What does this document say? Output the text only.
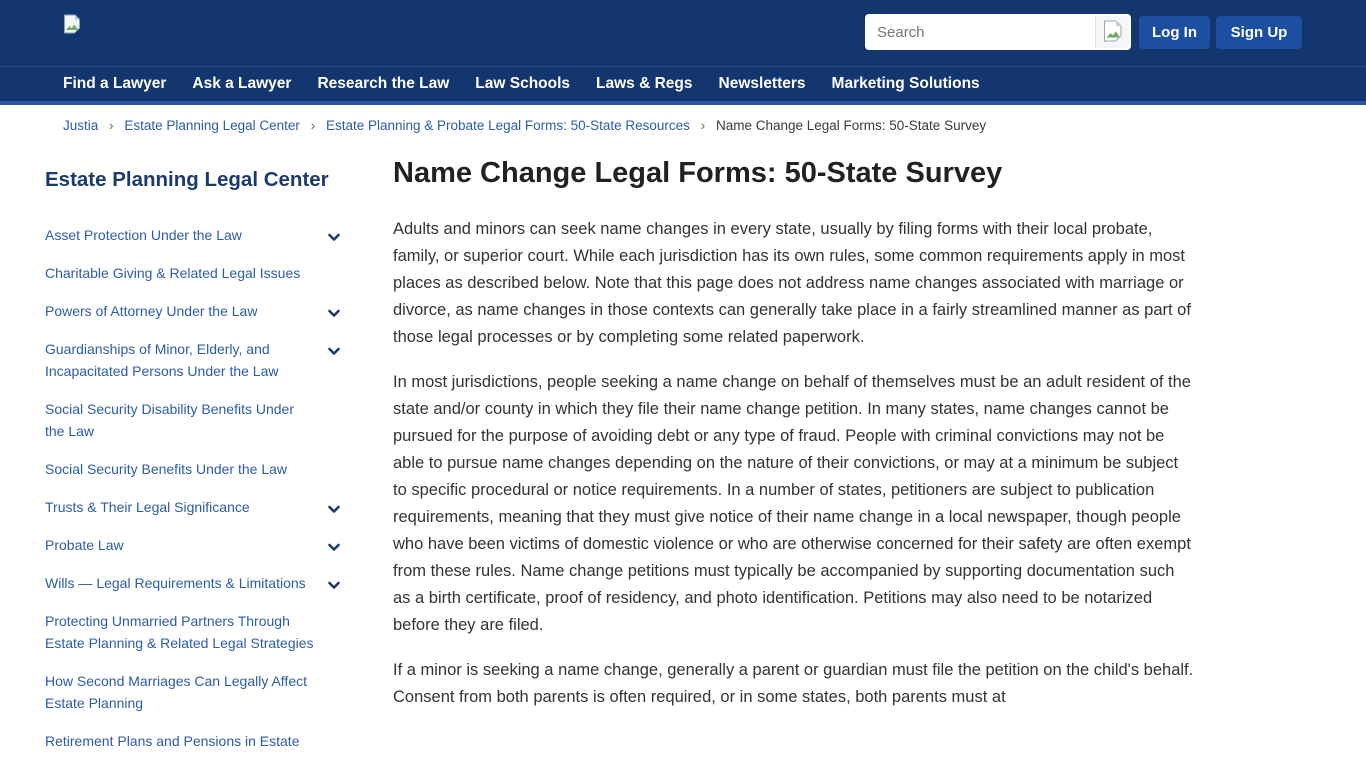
Search
Log In	Sign Up
Find a Lawyer Ask a Lawyer Research the Law Law Schools Laws & Regs Newsletters Marketing Solutions
Justia › Estate Planning Legal Center › Estate Planning & Probate Legal Forms: 50-State Resources › Name Change Legal Forms: 50-State Survey
Estate Planning Legal Center
Asset Protection Under the Law
Charitable Giving & Related Legal Issues
Powers of Attorney Under the Law
Guardianships of Minor, Elderly, and Incapacitated Persons Under the Law
Social Security Disability Benefits Under the Law
Social Security Benefits Under the Law
Trusts & Their Legal Significance
Probate Law
Wills — Legal Requirements & Limitations
Protecting Unmarried Partners Through Estate Planning & Related Legal Strategies
How Second Marriages Can Legally Affect Estate Planning
Retirement Plans and Pensions in Estate
Name Change Legal Forms: 50-State Survey

Adults and minors can seek name changes in every state, usually by filing forms with their local probate, family, or superior court. While each jurisdiction has its own rules, some common requirements apply in most places as described below. Note that this page does not address name changes associated with marriage or divorce, as name changes in those contexts can generally take place in a fairly streamlined manner as part of those legal processes or by completing some related paperwork.

In most jurisdictions, people seeking a name change on behalf of themselves must be an adult resident of the state and/or county in which they file their name change petition. In many states, name changes cannot be pursued for the purpose of avoiding debt or any type of fraud. People with criminal convictions may not be able to pursue name changes depending on the nature of their convictions, or may at a minimum be subject to specific procedural or notice requirements. In a number of states, petitioners are subject to publication requirements, meaning that they must give notice of their name change in a local newspaper, though people who have been victims of domestic violence or who are otherwise concerned for their safety are often exempt from these rules. Name change petitions must typically be accompanied by supporting documentation such as a birth certificate, proof of residency, and photo identification. Petitions may also need to be notarized before they are filed.

If a minor is seeking a name change, generally a parent or guardian must file the petition on the child's behalf. Consent from both parents is often required, or in some states, both parents must at
